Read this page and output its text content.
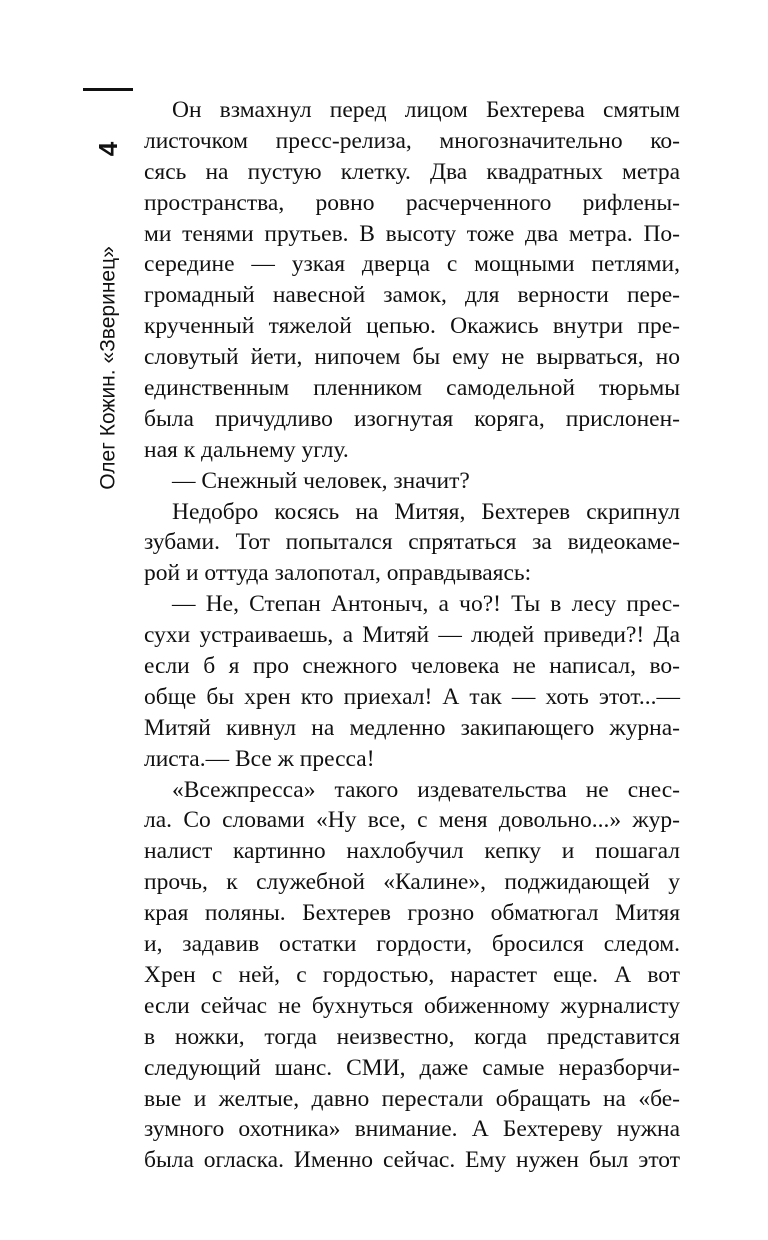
4
Олег Кожин. «Зверинец»
Он взмахнул перед лицом Бехтерева смятым
листочком пресс-релиза, многозначительно ко-
сясь на пустую клетку. Два квадратных метра
пространства, ровно расчерченного рифлены-
ми тенями прутьев. В высоту тоже два метра. По-
середине — узкая дверца с мощными петлями,
громадный навесной замок, для верности пере-
крученный тяжелой цепью. Окажись внутри пре-
словутый йети, нипочем бы ему не вырваться, но
единственным пленником самодельной тюрьмы
была причудливо изогнутая коряга, прислонен-
ная к дальнему углу.
— Снежный человек, значит?
Недобро косясь на Митяя, Бехтерев скрипнул
зубами. Тот попытался спрятаться за видеокаме-
рой и оттуда залопотал, оправдываясь:
— Не, Степан Антоныч, а чо?! Ты в лесу прес-
сухи устраиваешь, а Митяй — людей приведи?! Да
если б я про снежного человека не написал, во-
обще бы хрен кто приехал! А так — хоть этот...—
Митяй кивнул на медленно закипающего журна-
листа.— Все ж пресса!
«Всежпресса» такого издевательства не снес-
ла. Со словами «Ну все, с меня довольно...» жур-
налист картинно нахлобучил кепку и пошагал
прочь, к служебной «Калине», поджидающей у
края поляны. Бехтерев грозно обматюгал Митяя
и, задавив остатки гордости, бросился следом.
Хрен с ней, с гордостью, нарастет еще. А вот
если сейчас не бухнуться обиженному журналисту
в ножки, тогда неизвестно, когда представится
следующий шанс. СМИ, даже самые неразборчи-
вые и желтые, давно перестали обращать на «бе-
зумного охотника» внимание. А Бехтереву нужна
была огласка. Именно сейчас. Ему нужен был этот
